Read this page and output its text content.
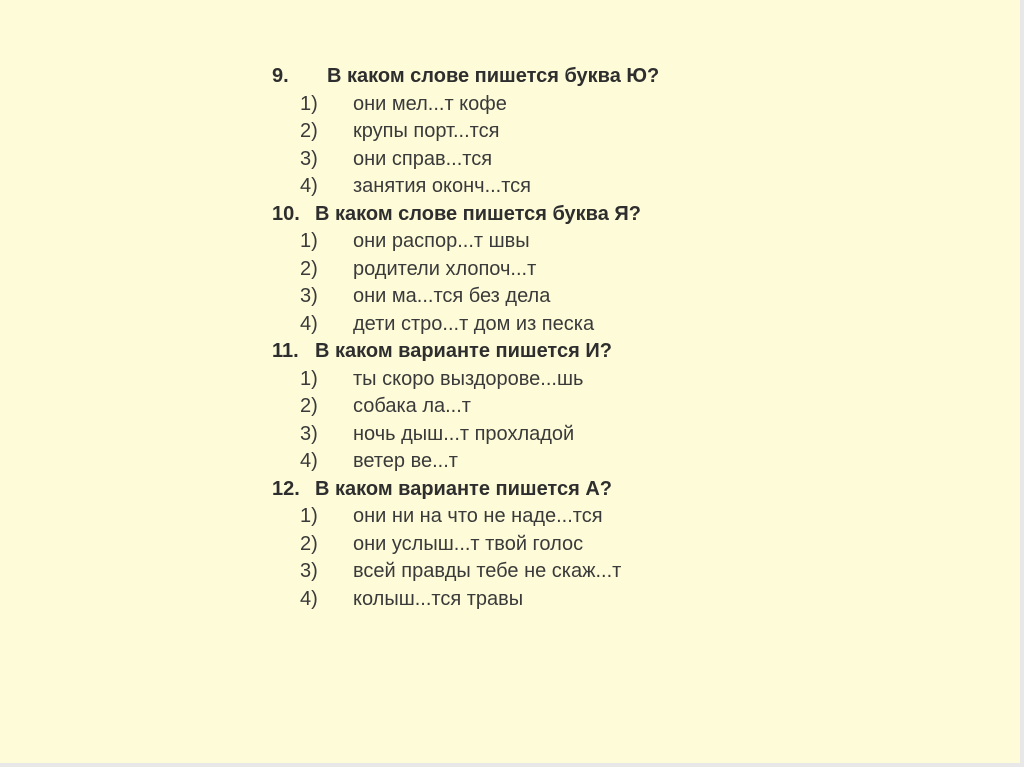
9.	В каком слове пишется буква Ю?
1)	они мел...т кофе
2)	крупы порт...тся
3)	они справ...тся
4)	занятия оконч...тся
10. В каком слове пишется буква Я?
1)	они распор...т швы
2)	родители хлопоч...т
3)	они ма...тся без дела
4)	дети стро...т дом из песка
11. В каком варианте пишется И?
1)	ты скоро выздорове...шь
2)	собака ла...т
3)	ночь дыш...т прохладой
4)	ветер ве...т
12. В каком варианте пишется А?
1)	они ни на что не наде...тся
2)	они услыш...т твой голос
3)	всей правды тебе не скаж...т
4)	колыш...тся травы
